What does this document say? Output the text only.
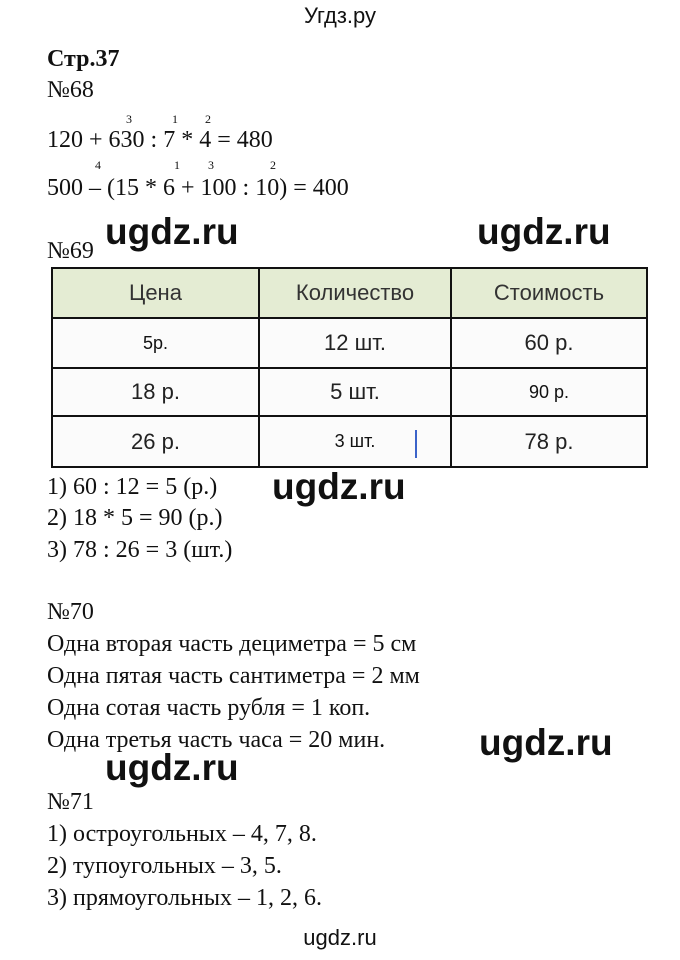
Угдз.ру
Стр.37
№68
3	1 2
120 + 630 : 7 * 4 = 480
4	1 3	2
500 – (15 * 6 + 100 : 10) = 400
№69
Цена	Количество	Стоимость
5р.	12 шт.	60 р.
18 р.	5 шт.	90 р.
26 р.	3 шт.	78 р.
1) 60 : 12 = 5 (р.)
2) 18 * 5 = 90 (р.)
3) 78 : 26 = 3 (шт.)
№70
Одна вторая часть дециметра = 5 см
Одна пятая часть сантиметра = 2 мм
Одна сотая часть рубля = 1 коп.
Одна третья часть часа = 20 мин.
№71
1) остроугольных – 4, 7, 8.
2) тупоугольных – 3, 5.
3) прямоугольных – 1, 2, 6.
ugdz.ru	ugdz.ru
ugdz.ru
ugdz.ru
ugdz.ru
ugdz.ru
